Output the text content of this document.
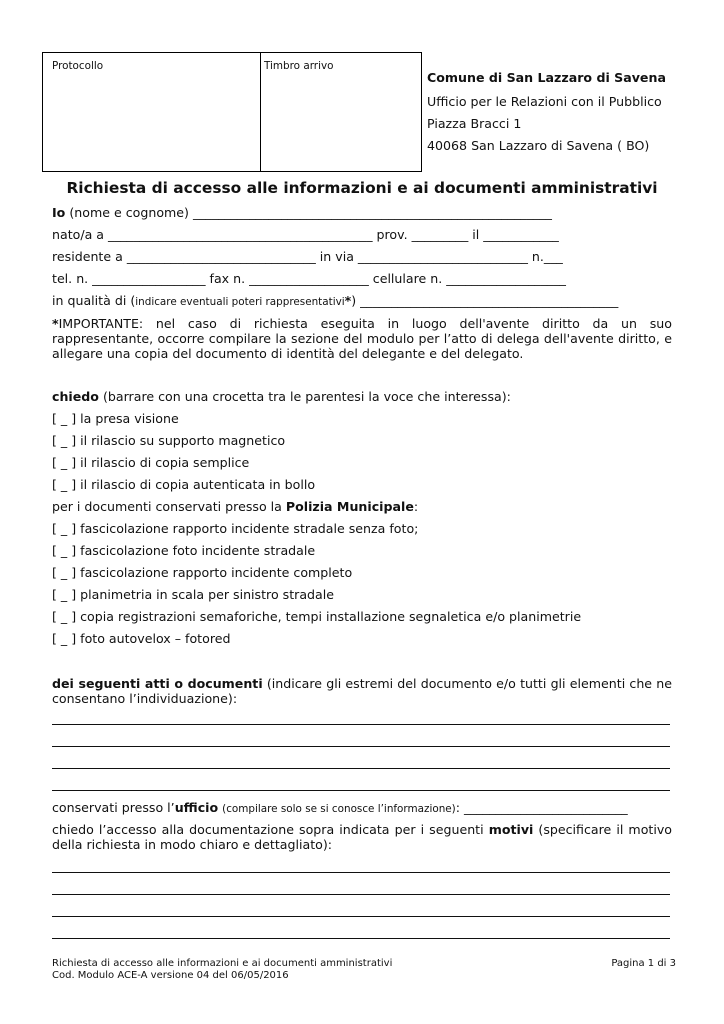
Protocollo	Timbro arrivo
Comune di San Lazzaro di Savena
Ufficio per le Relazioni con il Pubblico
Piazza Bracci 1
40068 San Lazzaro di Savena ( BO)
Richiesta di accesso alle informazioni e ai documenti amministrativi
Io (nome e cognome) _________________________________________________________
nato/a a __________________________________________ prov. _________ il ____________
residente a ______________________________ in via ___________________________ n.___
tel. n. __________________ fax n. ___________________ cellulare n. ___________________
in qualità di (indicare eventuali poteri rappresentativi*) _________________________________________
*IMPORTANTE: nel caso di richiesta eseguita in luogo dell'avente diritto da un suo rappresentante, occorre compilare la sezione del modulo per l’atto di delega dell'avente diritto, e allegare una copia del documento di identità del delegante e del delegato.
chiedo (barrare con una crocetta tra le parentesi la voce che interessa):
[ _ ] la presa visione
[ _ ] il rilascio su supporto magnetico
[ _ ] il rilascio di copia semplice
[ _ ] il rilascio di copia autenticata in bollo
per i documenti conservati presso la Polizia Municipale:
[ _ ] fascicolazione rapporto incidente stradale senza foto;
[ _ ] fascicolazione foto incidente stradale
[ _ ] fascicolazione rapporto incidente completo
[ _ ] planimetria in scala per sinistro stradale
[ _ ] copia registrazioni semaforiche, tempi installazione segnaletica e/o planimetrie
[ _ ] foto autovelox – fotored
dei seguenti atti o documenti (indicare gli estremi del documento e/o tutti gli elementi che ne consentano l’individuazione):
conservati presso l’ufficio (compilare solo se si conosce l’informazione): __________________________
chiedo l’accesso alla documentazione sopra indicata per i seguenti motivi (specificare il motivo della richiesta in modo chiaro e dettagliato):
Richiesta di accesso alle informazioni e ai documenti amministrativi
Cod. Modulo ACE-A versione 04 del 06/05/2016
Pagina 1 di 3
